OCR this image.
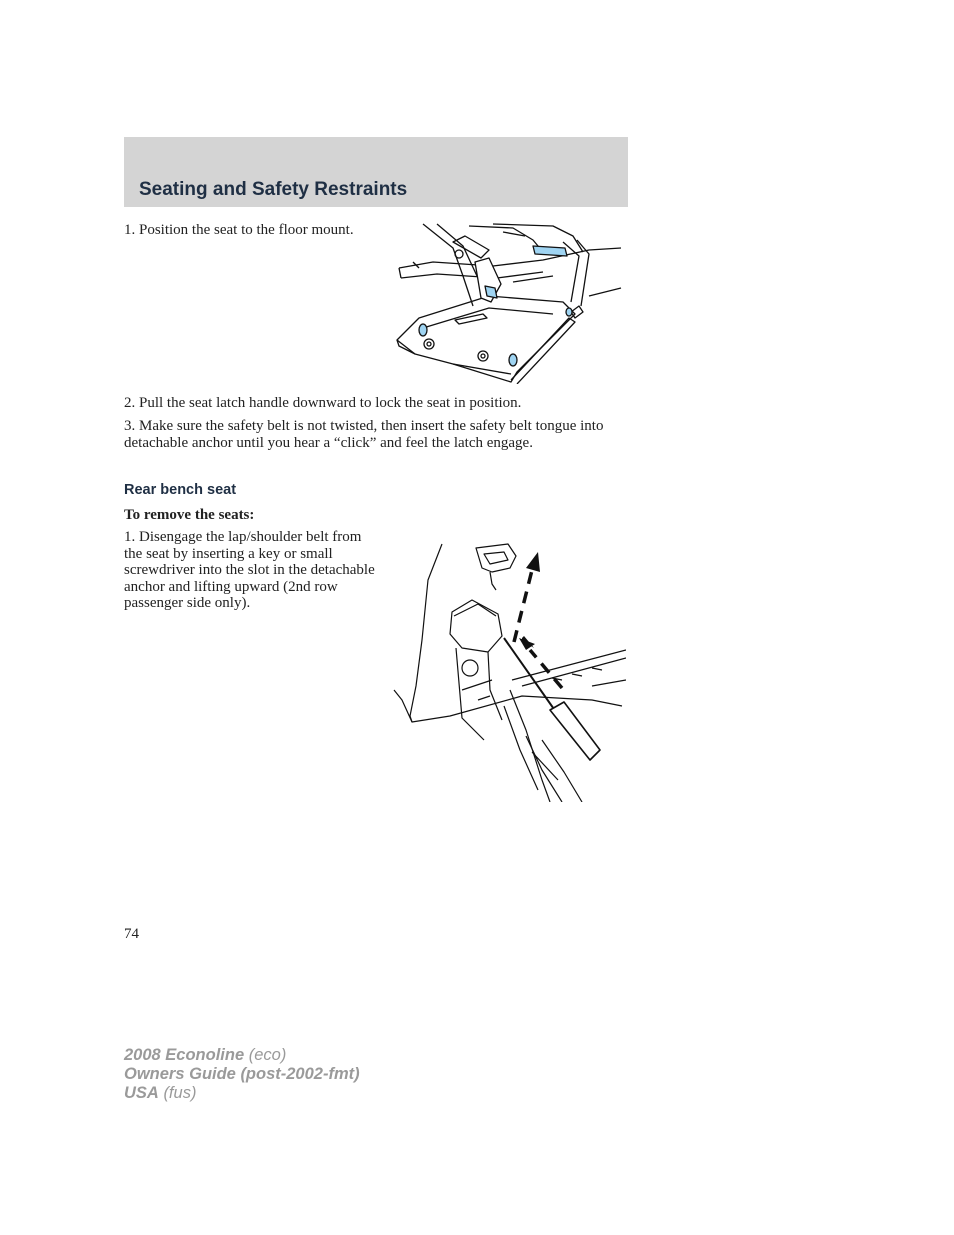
Seating and Safety Restraints

1. Position the seat to the floor mount.

2. Pull the seat latch handle downward to lock the seat in position.

3. Make sure the safety belt is not twisted, then insert the safety belt tongue into detachable anchor until you hear a “click” and feel the latch engage.

Rear bench seat

To remove the seats:

1. Disengage the lap/shoulder belt from the seat by inserting a key or small screwdriver into the slot in the detachable anchor and lifting upward (2nd row passenger side only).

74

2008 Econoline (eco)
Owners Guide (post-2002-fmt)
USA (fus)
